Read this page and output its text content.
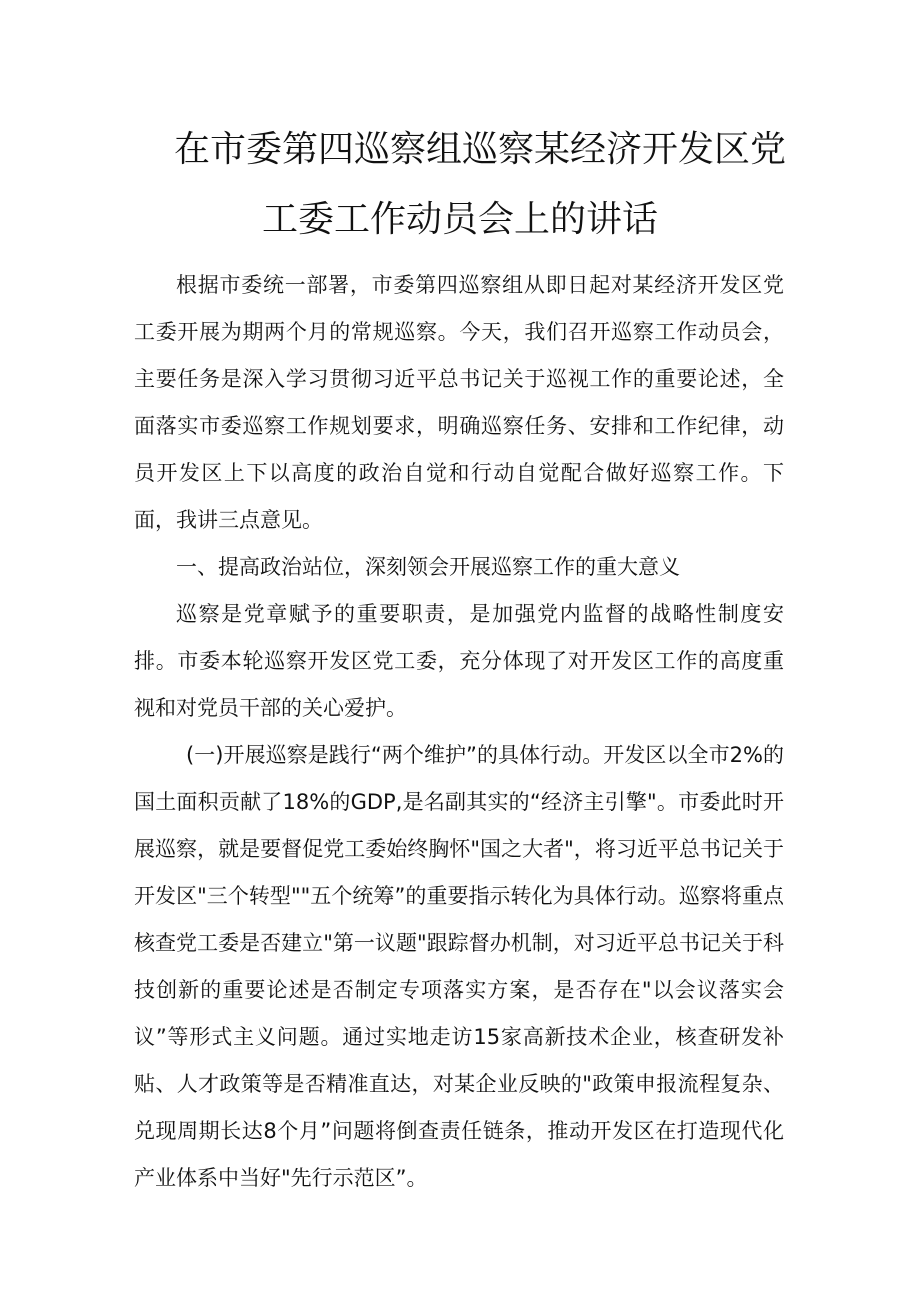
在市委第四巡察组巡察某经济开发区党
工委工作动员会上的讲话

根据市委统一部署，市委第四巡察组从即日起对某经济开发区党工委开展为期两个月的常规巡察。今天，我们召开巡察工作动员会，主要任务是深入学习贯彻习近平总书记关于巡视工作的重要论述，全面落实市委巡察工作规划要求，明确巡察任务、安排和工作纪律，动员开发区上下以高度的政治自觉和行动自觉配合做好巡察工作。下面，我讲三点意见。

一、提高政治站位，深刻领会开展巡察工作的重大意义

巡察是党章赋予的重要职责，是加强党内监督的战略性制度安排。市委本轮巡察开发区党工委，充分体现了对开发区工作的高度重视和对党员干部的关心爱护。

(一)开展巡察是践行“两个维护”的具体行动。开发区以全市2%的国土面积贡献了18%的GDP,是名副其实的“经济主引擎"。市委此时开展巡察，就是要督促党工委始终胸怀"国之大者"，将习近平总书记关于开发区"三个转型""五个统筹”的重要指示转化为具体行动。巡察将重点核查党工委是否建立"第一议题"跟踪督办机制，对习近平总书记关于科技创新的重要论述是否制定专项落实方案，是否存在"以会议落实会议”等形式主义问题。通过实地走访15家高新技术企业，核查研发补贴、人才政策等是否精准直达，对某企业反映的"政策申报流程复杂、兑现周期长达8个月”问题将倒查责任链条，推动开发区在打造现代化产业体系中当好"先行示范区”。
